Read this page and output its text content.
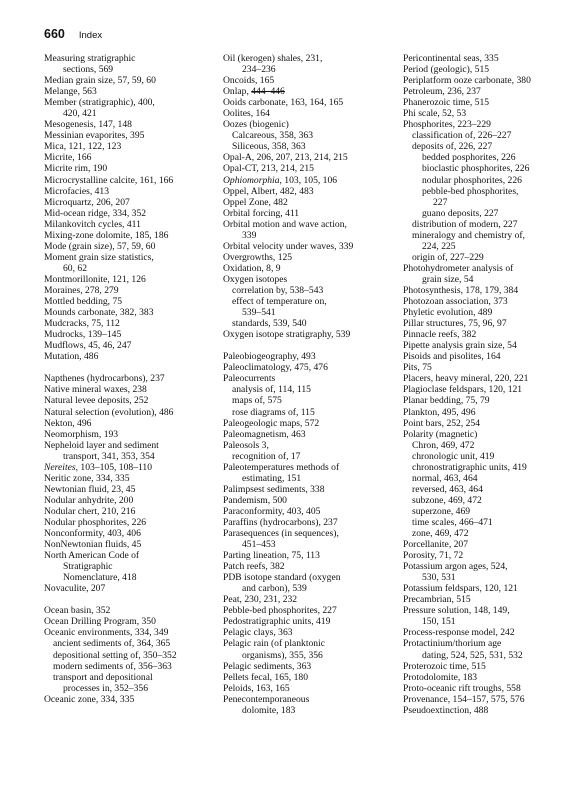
660 Index
Measuring stratigraphic
sections, 569
Median grain size, 57, 59, 60
Melange, 563
Member (stratigraphic), 400,
420, 421
Mesogenesis, 147, 148
Messinian evaporites, 395
Mica, 121, 122, 123
Micrite, 166
Micrite rim, 190
Microcrystalline calcite, 161, 166
Microfacies, 413
Microquartz, 206, 207
Mid-ocean ridge, 334, 352
Milankovitch cycles, 411
Mixing-zone dolomite, 185, 186
Mode (grain size), 57, 59, 60
Moment grain size statistics,
60, 62
Montmorillonite, 121, 126
Moraines, 278, 279
Mottled bedding, 75
Mounds carbonate, 382, 383
Mudcracks, 75, 112
Mudrocks, 139–145
Mudflows, 45, 46, 247
Mutation, 486
Napthenes (hydrocarbons), 237
Native mineral waxes, 238
Natural levee deposits, 252
Natural selection (evolution), 486
Nekton, 496
Neomorphism, 193
Nepheloid layer and sediment
transport, 341, 353, 354
Nereites, 103–105, 108–110
Neritic zone, 334, 335
Newtonian fluid, 23, 45
Nodular anhydrite, 200
Nodular chert, 210, 216
Nodular phosphorites, 226
Nonconformity, 403, 406
NonNewtonian fluids, 45
North American Code of
Stratigraphic
Nomenclature, 418
Novaculite, 207
Ocean basin, 352
Ocean Drilling Program, 350
Oceanic environments, 334, 349
ancient sediments of, 364, 365
depositional setting of, 350–352
modern sediments of, 356–363
transport and depositional
processes in, 352–356
Oceanic zone, 334, 335
Oil (kerogen) shales, 231,
234–236
Oncoids, 165
Onlap, 444–446
Ooids carbonate, 163, 164, 165
Oolites, 164
Oozes (biogenic)
Calcareous, 358, 363
Siliceous, 358, 363
Opal-A, 206, 207, 213, 214, 215
Opal-CT, 213, 214, 215
Ophiomorphia, 103, 105, 106
Oppel, Albert, 482, 483
Oppel Zone, 482
Orbital forcing, 411
Orbital motion and wave action,
339
Orbital velocity under waves, 339
Overgrowths, 125
Oxidation, 8, 9
Oxygen isotopes
correlation by, 538–543
effect of temperature on,
539–541
standards, 539, 540
Oxygen isotope stratigraphy, 539
Paleobiogeography, 493
Paleoclimatology, 475, 476
Paleocurrents
analysis of, 114, 115
maps of, 575
rose diagrams of, 115
Paleogeologic maps, 572
Paleomagnetism, 463
Paleosols 3,
recognition of, 17
Paleotemperatures methods of
estimating, 151
Palimpsest sediments, 338
Pandemism, 500
Paraconformity, 403, 405
Paraffins (hydrocarbons), 237
Parasequences (in sequences),
451–453
Parting lineation, 75, 113
Patch reefs, 382
PDB isotope standard (oxygen
and carbon), 539
Peat, 230, 231, 232
Pebble-bed phosphorites, 227
Pedostratigraphic units, 419
Pelagic clays, 363
Pelagic rain (of planktonic
organisms), 355, 356
Pelagic sediments, 363
Pellets fecal, 165, 180
Peloids, 163, 165
Penecontemporaneous
dolomite, 183
Pericontinental seas, 335
Period (geologic), 515
Periplatform ooze carbonate, 380
Petroleum, 236, 237
Phanerozoic time, 515
Phi scale, 52, 53
Phosphorites, 223–229
classification of, 226–227
deposits of, 226, 227
bedded posphorites, 226
bioclastic phosphorites, 226
nodular phosphorites, 226
pebble-bed phosphorites,
227
guano deposits, 227
distribution of modern, 227
mineralogy and chemistry of,
224, 225
origin of, 227–229
Photohydrometer analysis of
grain size, 54
Photosynthesis, 178, 179, 384
Photozoan association, 373
Phyletic evolution, 489
Pillar structures, 75, 96, 97
Pinnacle reefs, 382
Pipette analysis grain size, 54
Pisoids and pisolites, 164
Pits, 75
Placers, heavy mineral, 220, 221
Plagioclase feldspars, 120, 121
Planar bedding, 75, 79
Plankton, 495, 496
Point bars, 252, 254
Polarity (magnetic)
Chron, 469, 472
chronologic unit, 419
chronostratigraphic units, 419
normal, 463, 464
reversed, 463, 464
subzone, 469, 472
superzone, 469
time scales, 466–471
zone, 469, 472
Porcellanite, 207
Porosity, 71, 72
Potassium argon ages, 524,
530, 531
Potassium feldspars, 120, 121
Precambrian, 515
Pressure solution, 148, 149,
150, 151
Process-response model, 242
Protactinium/thorium age
dating, 524, 525, 531, 532
Proterozoic time, 515
Protodolomite, 183
Proto-oceanic rift troughs, 558
Provenance, 154–157, 575, 576
Pseudoextinction, 488
